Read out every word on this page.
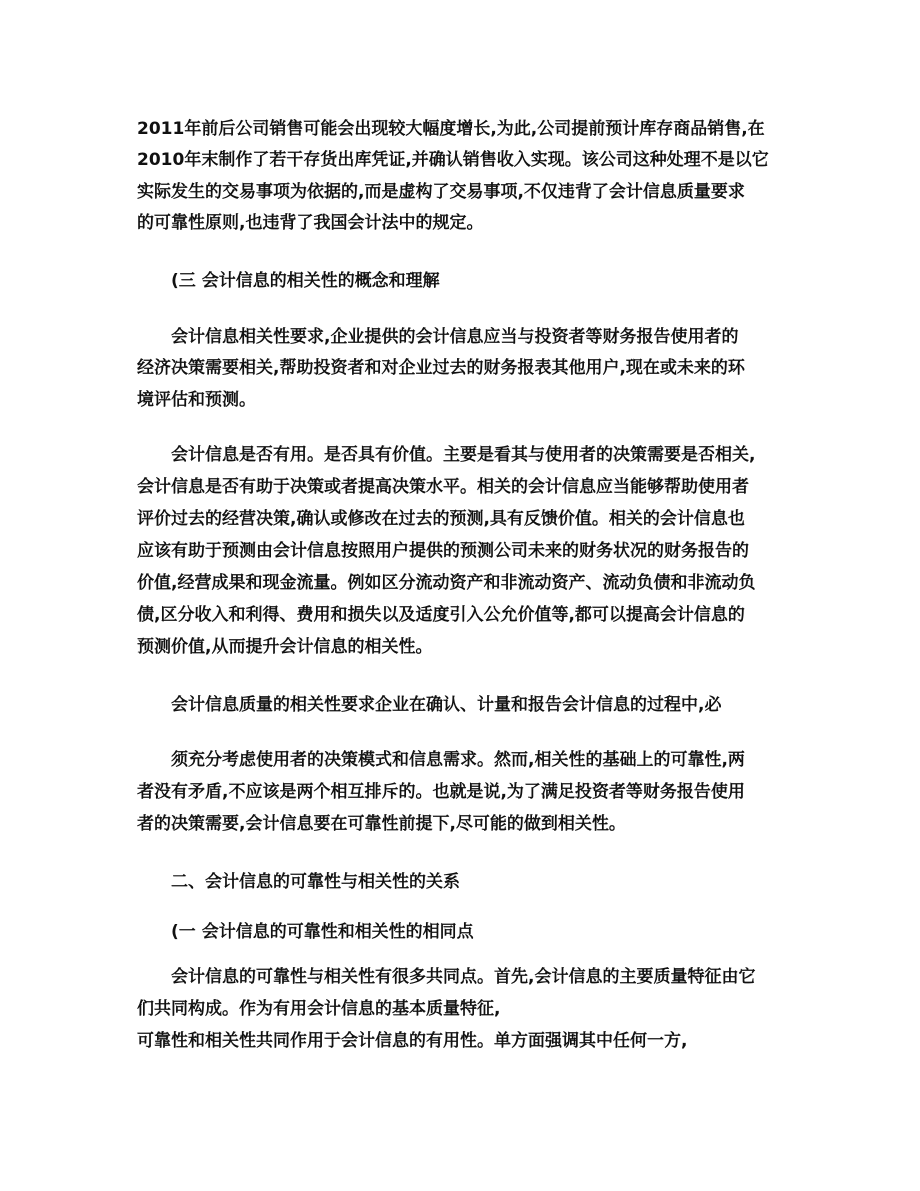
2011年前后公司销售可能会出现较大幅度增长,为此,公司提前预计库存商品销售,在
2010年末制作了若干存货出库凭证,并确认销售收入实现。该公司这种处理不是以它
实际发生的交易事项为依据的,而是虚构了交易事项,不仅违背了会计信息质量要求
的可靠性原则,也违背了我国会计法中的规定。
(三 会计信息的相关性的概念和理解
会计信息相关性要求,企业提供的会计信息应当与投资者等财务报告使用者的
经济决策需要相关,帮助投资者和对企业过去的财务报表其他用户,现在或未来的环
境评估和预测。
会计信息是否有用。是否具有价值。主要是看其与使用者的决策需要是否相关,
会计信息是否有助于决策或者提高决策水平。相关的会计信息应当能够帮助使用者
评价过去的经营决策,确认或修改在过去的预测,具有反馈价值。相关的会计信息也
应该有助于预测由会计信息按照用户提供的预测公司未来的财务状况的财务报告的
价值,经营成果和现金流量。例如区分流动资产和非流动资产、流动负债和非流动负
债,区分收入和利得、费用和损失以及适度引入公允价值等,都可以提高会计信息的
预测价值,从而提升会计信息的相关性。
会计信息质量的相关性要求企业在确认、计量和报告会计信息的过程中,必
须充分考虑使用者的决策模式和信息需求。然而,相关性的基础上的可靠性,两
者没有矛盾,不应该是两个相互排斥的。也就是说,为了满足投资者等财务报告使用
者的决策需要,会计信息要在可靠性前提下,尽可能的做到相关性。
二、会计信息的可靠性与相关性的关系
(一 会计信息的可靠性和相关性的相同点
会计信息的可靠性与相关性有很多共同点。首先,会计信息的主要质量特征由它
们共同构成。作为有用会计信息的基本质量特征,
可靠性和相关性共同作用于会计信息的有用性。单方面强调其中任何一方,
